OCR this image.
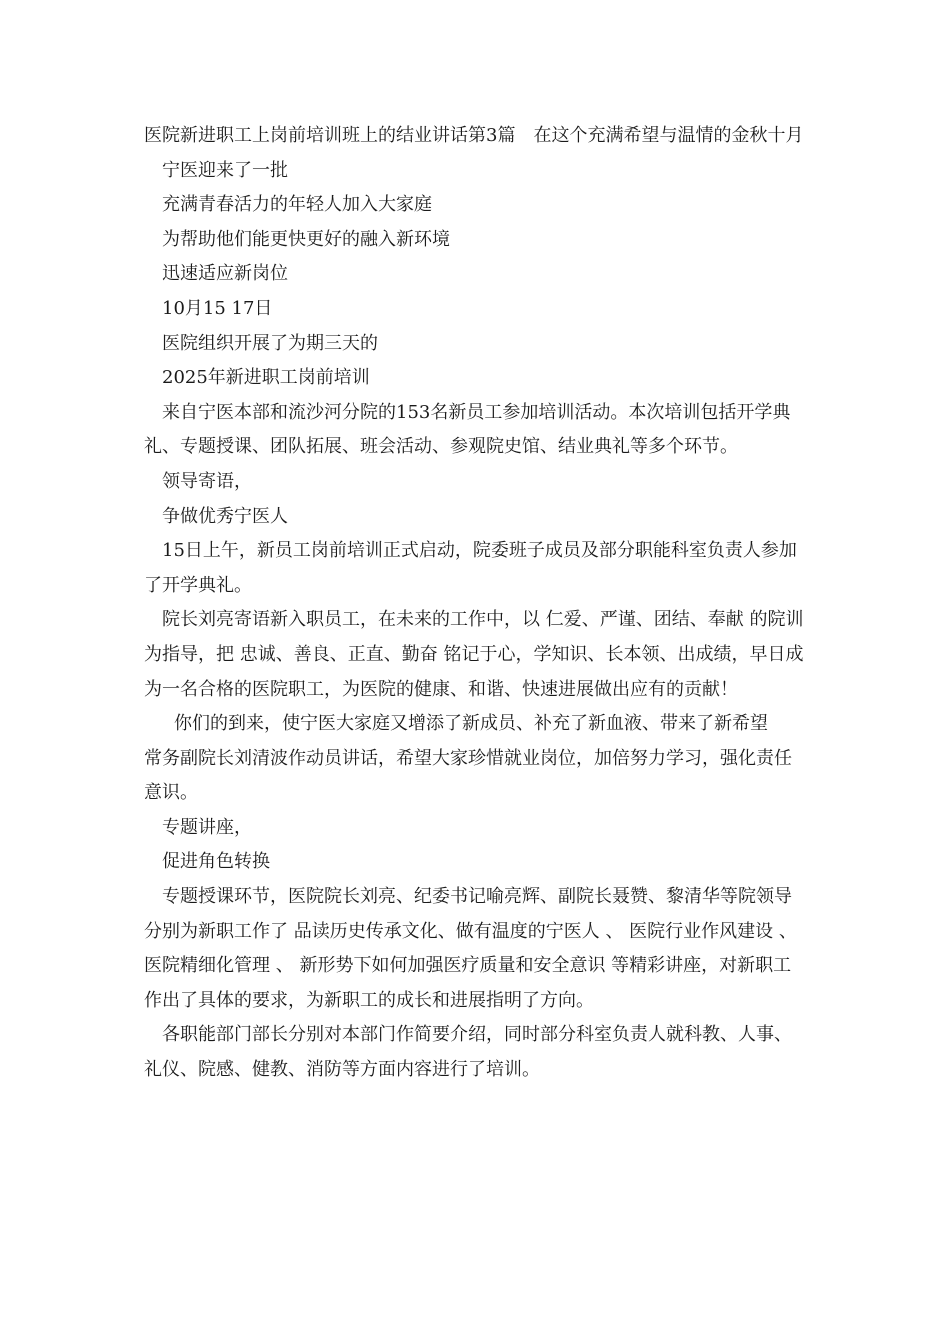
医院新进职工上岗前培训班上的结业讲话第3篇　在这个充满希望与温情的金秋十月

宁医迎来了一批

充满青春活力的年轻人加入大家庭

为帮助他们能更快更好的融入新环境

迅速适应新岗位

10月15 17日

医院组织开展了为期三天的

2025年新进职工岗前培训

来自宁医本部和流沙河分院的153名新员工参加培训活动。本次培训包括开学典礼、专题授课、团队拓展、班会活动、参观院史馆、结业典礼等多个环节。

领导寄语，

争做优秀宁医人

15日上午，新员工岗前培训正式启动，院委班子成员及部分职能科室负责人参加了开学典礼。

院长刘亮寄语新入职员工，在未来的工作中，以 仁爱、严谨、团结、奉献 的院训为指导，把 忠诚、善良、正直、勤奋 铭记于心，学知识、长本领、出成绩，早日成为一名合格的医院职工，为医院的健康、和谐、快速进展做出应有的贡献！

你们的到来，使宁医大家庭又增添了新成员、补充了新血液、带来了新希望

常务副院长刘清波作动员讲话，希望大家珍惜就业岗位，加倍努力学习，强化责任意识。

专题讲座，

促进角色转换

专题授课环节，医院院长刘亮、纪委书记喻亮辉、副院长聂赞、黎清华等院领导分别为新职工作了 品读历史传承文化、做有温度的宁医人 、 医院行业作风建设 、 医院精细化管理 、 新形势下如何加强医疗质量和安全意识 等精彩讲座，对新职工作出了具体的要求，为新职工的成长和进展指明了方向。

各职能部门部长分别对本部门作简要介绍，同时部分科室负责人就科教、人事、礼仪、院感、健教、消防等方面内容进行了培训。
